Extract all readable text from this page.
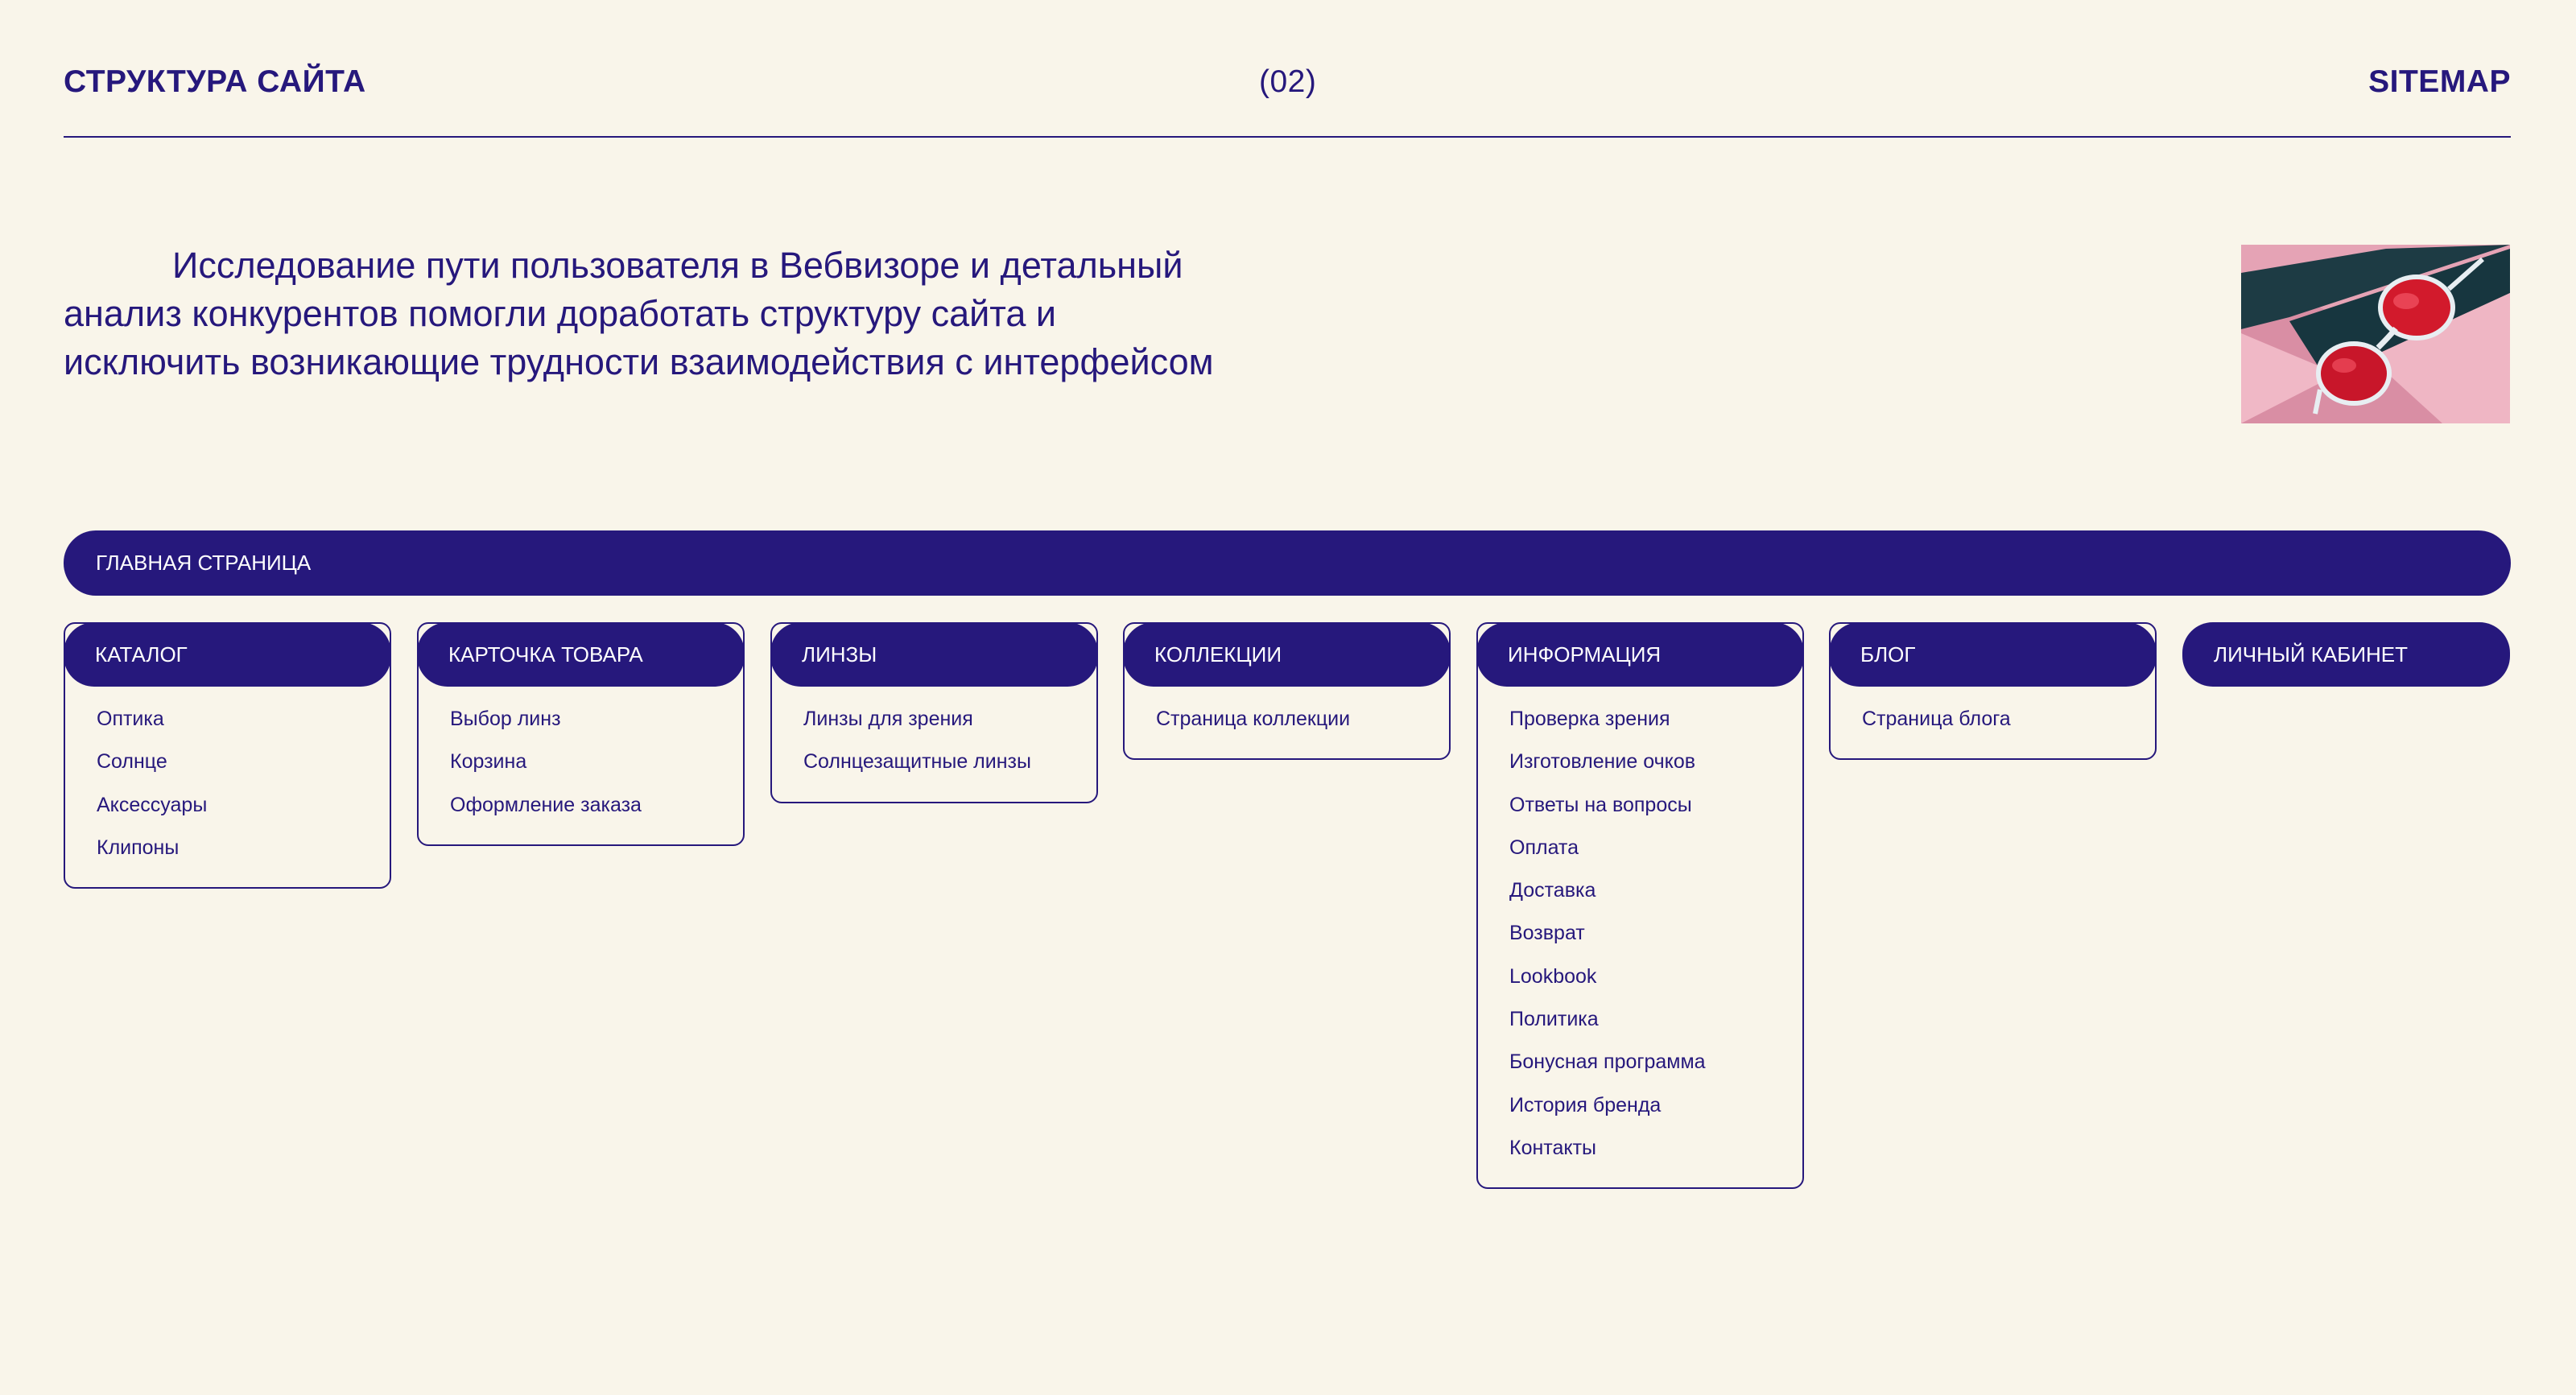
СТРУКТУРА САЙТА	(02)	SITEMAP

Исследование пути пользователя в Вебвизоре и детальный анализ конкурентов помогли доработать структуру сайта и исключить возникающие трудности взаимодействия с интерфейсом

ГЛАВНАЯ СТРАНИЦА
КАТАЛОГ
Оптика
Солнце
Аксессуары
Клипоны
КАРТОЧКА ТОВАРА
Выбор линз
Корзина
Оформление заказа
ЛИНЗЫ
Линзы для зрения
Солнцезащитные линзы
КОЛЛЕКЦИИ
Страница коллекции
ИНФОРМАЦИЯ
Проверка зрения
Изготовление очков
Ответы на вопросы
Оплата
Доставка
Возврат
Lookbook
Политика
Бонусная программа
История бренда
Контакты
БЛОГ
Страница блога
ЛИЧНЫЙ КАБИНЕТ
